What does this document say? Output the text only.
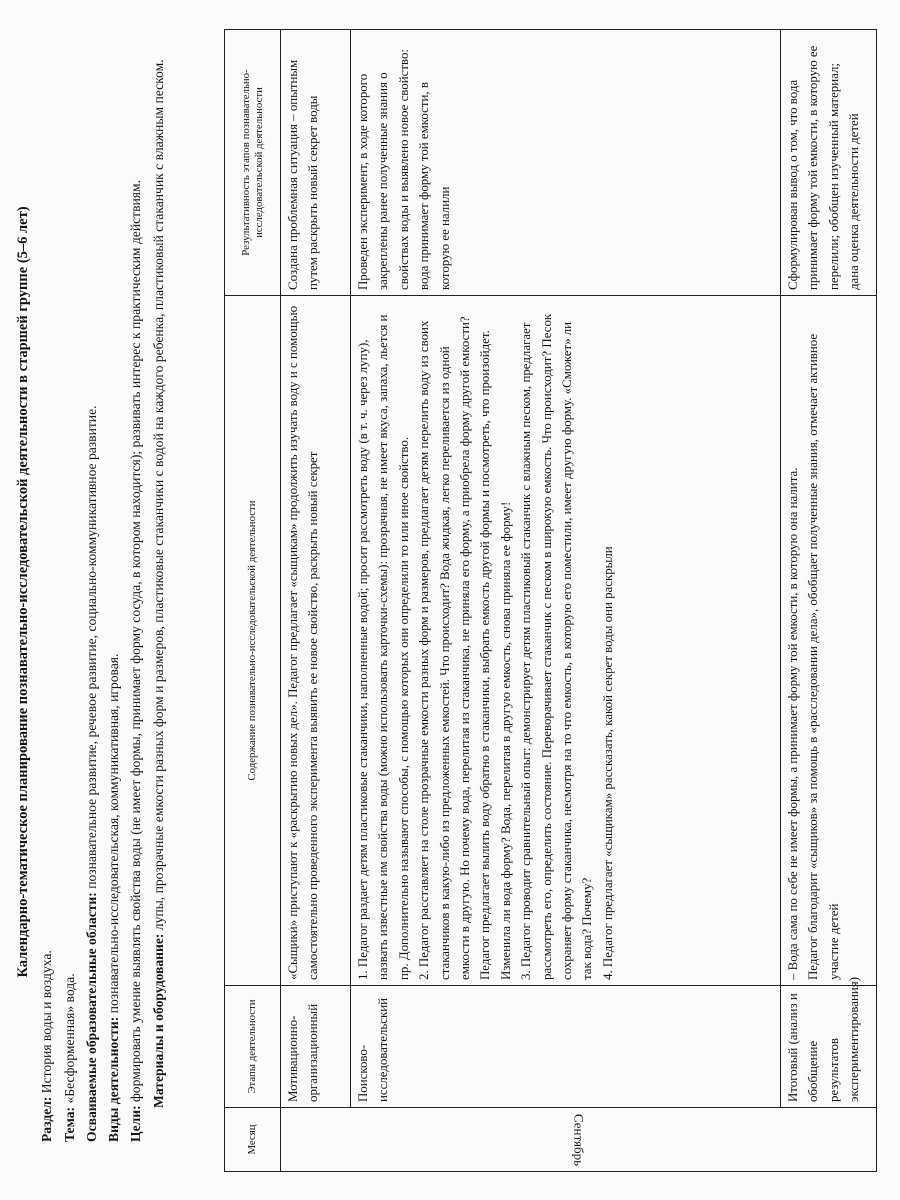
Календарно-тематическое планирование познавательно-исследовательской деятельности в старшей группе (5–6 лет)

Раздел: История воды и воздуха.

Тема: «Бесформенная» вода. Осваиваемые образовательные области: познавательное развитие, речевое развитие, социально-коммуникативное развитие.

Виды деятельности: познавательно-исследовательская, коммуникативная, игровая.

Цели: формировать умение выявлять свойства воды (не имеет формы, принимает форму сосуда, в котором находится); развивать интерес к практическим действиям. Материалы и оборудование: лупы, прозрачные емкости разных форм и размеров, пластиковые стаканчики с водой на каждого ребенка, пластиковый стаканчик с влажным песком.

Месяц	Этапы деятельности	Содержание познавательно-исследовательской деятельности	Результативность этапов познавательно-исследовательской деятельности
Сентябрь	Мотивационно-организационный	«Сыщики» приступают к «раскрытию новых дел». Педагог предлагает «сыщикам» продолжить изучать воду и с помощью самостоятельно проведенного эксперимента выявить ее новое свойство, раскрыть новый секрет	Создана проблемная ситуация – опытным путем раскрыть новый секрет воды
	Поисково-исследовательский	1. Педагог раздает детям пластиковые стаканчики, наполненные водой; просит рассмотреть воду (в т. ч. через лупу), назвать известные им свойства воды (можно использовать карточки-схемы): прозрачная, не имеет вкуса, запаха, льется и пр. Дополнительно называют способы, с помощью которых они определили то или иное свойство. 2. Педагог расставляет на столе прозрачные емкости разных форм и размеров, предлагает детям перелить воду из своих стаканчиков в какую-либо из предложенных емкостей. Что происходит? Вода жидкая, легко переливается из одной емкости в другую. Но почему вода, перелитая из стаканчика, не приняла его форму, а приобрела форму другой емкости? Педагог предлагает вылить воду обратно в стаканчики, выбрать емкость другой формы и посмотреть, что произойдет. Изменила ли вода форму? Вода, перелитая в другую емкость, снова приняла ее форму! 3. Педагог проводит сравнительный опыт: демонстрирует детям пластиковый стаканчик с влажным песком, предлагает рассмотреть его, определить состояние. Переворачивает стаканчик с песком в широкую емкость. Что происходит? Песок сохраняет форму стаканчика, несмотря на то что емкость, в которую его поместили, имеет другую форму. «Сможет» ли так вода? Почему? 4. Педагог предлагает «сыщикам» рассказать, какой секрет воды они раскрыли	Проведен эксперимент, в ходе которого закреплены ранее полученные знания о свойствах воды и выявлено новое свойство: вода принимает форму той емкости, в которую ее налили
	Итоговый (анализ и обобщение результатов экспериментирования)	– Вода сама по себе не имеет формы, а принимает форму той емкости, в которую она налита. Педагог благодарит «сыщиков» за помощь в «расследовании дела», обобщает полученные знания, отмечает активное участие детей	Сформулирован вывод о том, что вода принимает форму той емкости, в которую ее перелили; обобщен изученный материал; дана оценка деятельности детей
